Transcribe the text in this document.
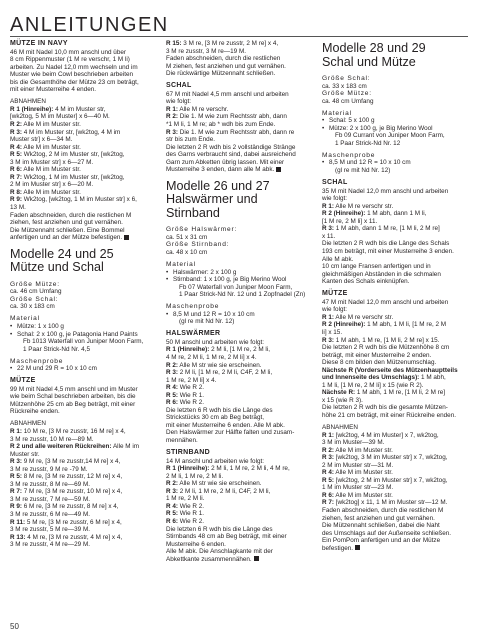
ANLEITUNGEN
MÜTZE IN NAVY
46 M mit Nadel 10,0 mm anschl und über
8 cm Rippenmuster (1 M re verschr, 1 M li)
arbeiten. Zu Nadel 12,0 mm wechseln und im
Muster wie beim Cowl beschrieben arbeiten
bis die Gesamthöhe der Mütze 23 cm beträgt,
mit einer Musterreihe 4 enden.
ABNAHMEN
R 1 (Hinreihe): 4 M im Muster str,
[wk2tog, 5 M im Muster] x 6—40 M.
R 2: Alle M im Muster str.
R 3: 4 M im Muster str, [wk2tog, 4 M im
Muster str] x 6—34 M.
R 4: Alle M im Muster str.
R 5: Wk2tog, 2 M im Muster str, [wk2tog,
3 M im Muster str] x 6—27 M.
R 6: Alle M im Muster str.
R 7: Wk2tog, 1 M im Muster str, [wk2tog,
2 M im Muster str] x 6—20 M.
R 8: Alle M im Muster str.
R 9: Wk2tog, [wk2tog, 1 M im Muster str] x 6,
13 M.
Faden abschneiden, durch die restlichen M
ziehen, fest anziehen und gut vernähen.
Die Mützennaht schließen. Eine Bommel
anfertigen und an der Mütze befestigen.
Modelle 24 und 25
Mütze und Schal
Größe Mütze:
ca. 46 cm Umfang
Größe Schal:
ca. 30 x 183 cm
Material
• Mütze: 1 x 100 g
• Schal: 2 x 100 g, je Patagonia Hand Paints
Fb 1013 Waterfall von Juniper Moon Farm,
1 Paar Strick-Nd Nr. 4,5
Maschenprobe
• 22 M und 29 R = 10 x 10 cm
MÜTZE
99 M mit Nadel 4,5 mm anschl und im Muster
wie beim Schal beschrieben arbeiten, bis die
Mützenhöhe 25 cm ab Beg beträgt, mit einer
Rückreihe enden.
ABNAHMEN
R 1: 10 M re, [3 M re zusstr, 16 M re] x 4,
3 M re zusstr, 10 M re—89 M.
R 2 und alle weiteren Rückreihen: Alle M im
Muster str.
R 3: 9 M re, [3 M re zusstr,14 M re] x 4,
3 M re zusstr, 9 M re -79 M.
R 5: 8 M re, [3 M re zusstr, 12 M re] x 4,
3 M re zusstr, 8 M re—69 M.
R 7: 7 M re, [3 M re zusstr, 10 M re] x 4,
3 M re zusstr, 7 M re—59 M.
R 9: 6 M re, [3 M re zusstr, 8 M re] x 4,
3 M re zusstr, 6 M re—49 M.
R 11: 5 M re, [3 M re zusstr, 6 M re] x 4,
3 M re zusstr, 5 M re—39 M.
R 13: 4 M re, [3 M re zusstr, 4 M re] x 4,
3 M re zusstr, 4 M re—29 M.
R 15: 3 M re, [3 M re zusstr, 2 M re] x 4,
3 M re zusstr, 3 M re—19 M.
Faden abschneiden, durch die restlichen
M ziehen, fest anziehen und gut vernähen.
Die rückwärtige Mützennaht schließen.
SCHAL
67 M mit Nadel 4,5 mm anschl und arbeiten
wie folgt:
R 1: Alle M re verschr.
R 2: Die 1. M wie zum Rechtsstr abh, dann
*1 M li, 1 M re; ab * wdh bis zum Ende.
R 3: Die 1. M wie zum Rechtsstr abh, dann re
str bis zum Ende.
Die letzten 2 R wdh bis 2 vollständige Stränge
des Garns verbraucht sind, dabei ausreichend
Garn zum Abketten übrig lassen. Mit einer
Musterreihe 3 enden, dann alle M abk.
Modelle 26 und 27
Halswärmer und Stirnband
Größe Halswärmer:
ca. 51 x 31 cm
Größe Stirnband:
ca. 48 x 10 cm
Material
• Halswärmer: 2 x 100 g
• Stirnband: 1 x 100 g, je Big Merino Wool
Fb 07 Waterfall von Juniper Moon Farm,
1 Paar Strick-Nd Nr. 12 und 1 Zopfnadel (Zn)
Maschenprobe
• 8,5 M und 12 R = 10 x 10 cm
(gl re mit Nd Nr. 12)
HALSWÄRMER
50 M anschl und arbeiten wie folgt:
R 1 (Hinreihe): 2 M li, [1 M re, 2 M li,
4 M re, 2 M li, 1 M re, 2 M li] x 4.
R 2: Alle M str wie sie erscheinen.
R 3: 2 M li, [1 M re, 2 M li, C4F, 2 M li,
1 M re, 2 M li] x 4.
R 4: Wie R 2.
R 5: Wie R 1.
R 6: Wie R 2.
Die letzten 6 R wdh bis die Länge des
Strickstücks 30 cm ab Beg beträgt,
mit einer Musterreihe 6 enden. Alle M abk.
Den Halswärmer zur Hälfte falten und zusam-
mennähen.
STIRNBAND
14 M anschl und arbeiten wie folgt:
R 1 (Hinreihe): 2 M li, 1 M re, 2 M li, 4 M re,
2 M li, 1 M re, 2 M li.
R 2: Alle M str wie sie erscheinen.
R 3: 2 M li, 1 M re, 2 M li, C4F, 2 M li,
1 M re, 2 M li.
R 4: Wie R 2.
R 5: Wie R 1.
R 6: Wie R 2.
Die letzten 6 R wdh bis die Länge des
Stirnbands 48 cm ab Beg beträgt, mit einer
Musterreihe 6 enden.
Alle M abk. Die Anschlagkante mit der
Abkettkante zusammennähen.
Modelle 28 und 29
Schal und Mütze
Größe Schal:
ca. 33 x 183 cm
Größe Mütze:
ca. 48 cm Umfang
Material
• Schal: 5 x 100 g
• Mütze: 2 x 100 g, je Big Merino Wool
Fb 09 Currant von Juniper Moon Farm,
1 Paar Strick-Nd Nr. 12
Maschenprobe
• 8,5 M und 12 R = 10 x 10 cm
(gl re mit Nd Nr. 12)
SCHAL
35 M mit Nadel 12,0 mm anschl und arbeiten
wie folgt:
R 1: Alle M re verschr str.
R 2 (Hinreihe): 1 M abh, dann 1 M li,
[1 M re, 2 M li] x 11.
R 3: 1 M abh, dann 1 M re, [1 M li, 2 M re]
x 11.
Die letzten 2 R wdh bis die Länge des Schals
193 cm beträgt, mit einer Musterreihe 3 enden.
Alle M abk.
10 cm lange Fransen anfertigen und in
gleichmäßigen Abständen in die schmalen
Kanten des Schals einknüpfen.
MÜTZE
47 M mit Nadel 12,0 mm anschl und arbeiten
wie folgt:
R 1: Alle M re verschr str.
R 2 (Hinreihe): 1 M abh, 1 M li, [1 M re, 2 M
li] x 15.
R 3: 1 M abh, 1 M re, [1 M li, 2 M re] x 15.
Die letzten 2 R wdh bis die Mützenhöhe 8 cm
beträgt, mit einer Musterreihe 2 enden.
Diese 8 cm bilden den Mützenumschlag.
Nächste R (Vorderseite des Mützenhauptteils
und Innenseite des Umschlags): 1 M abh,
1 M li, [1 M re, 2 M li] x 15 (wie R 2).
Nächste R: 1 M abh, 1 M re, [1 M li, 2 M re]
x 15 (wie R 3).
Die letzten 2 R wdh bis die gesamte Mützen-
höhe 21 cm beträgt, mit einer Rückreihe enden.
ABNAHMEN
R 1: [wk2tog, 4 M im Muster] x 7, wk2tog,
3 M im Muster—39 M.
R 2: Alle M im Muster str.
R 3: [wk2tog, 3 M im Muster str] x 7, wk2tog,
2 M im Muster str—31 M.
R 4: Alle M im Muster str.
R 5: [wk2tog, 2 M im Muster str] x 7, wk2tog,
1 M im Muster str—23 M.
R 6: Alle M im Muster str.
R 7: [wk2tog] x 11, 1 M im Muster str—12 M.
Faden abschneiden, durch die restlichen M
ziehen, fest anziehen und gut vernähen.
Die Mützennaht schließen, dabei die Naht
des Umschlags auf der Außenseite schließen.
Ein PomPom anfertigen und an der Mütze
befestigen.
50
